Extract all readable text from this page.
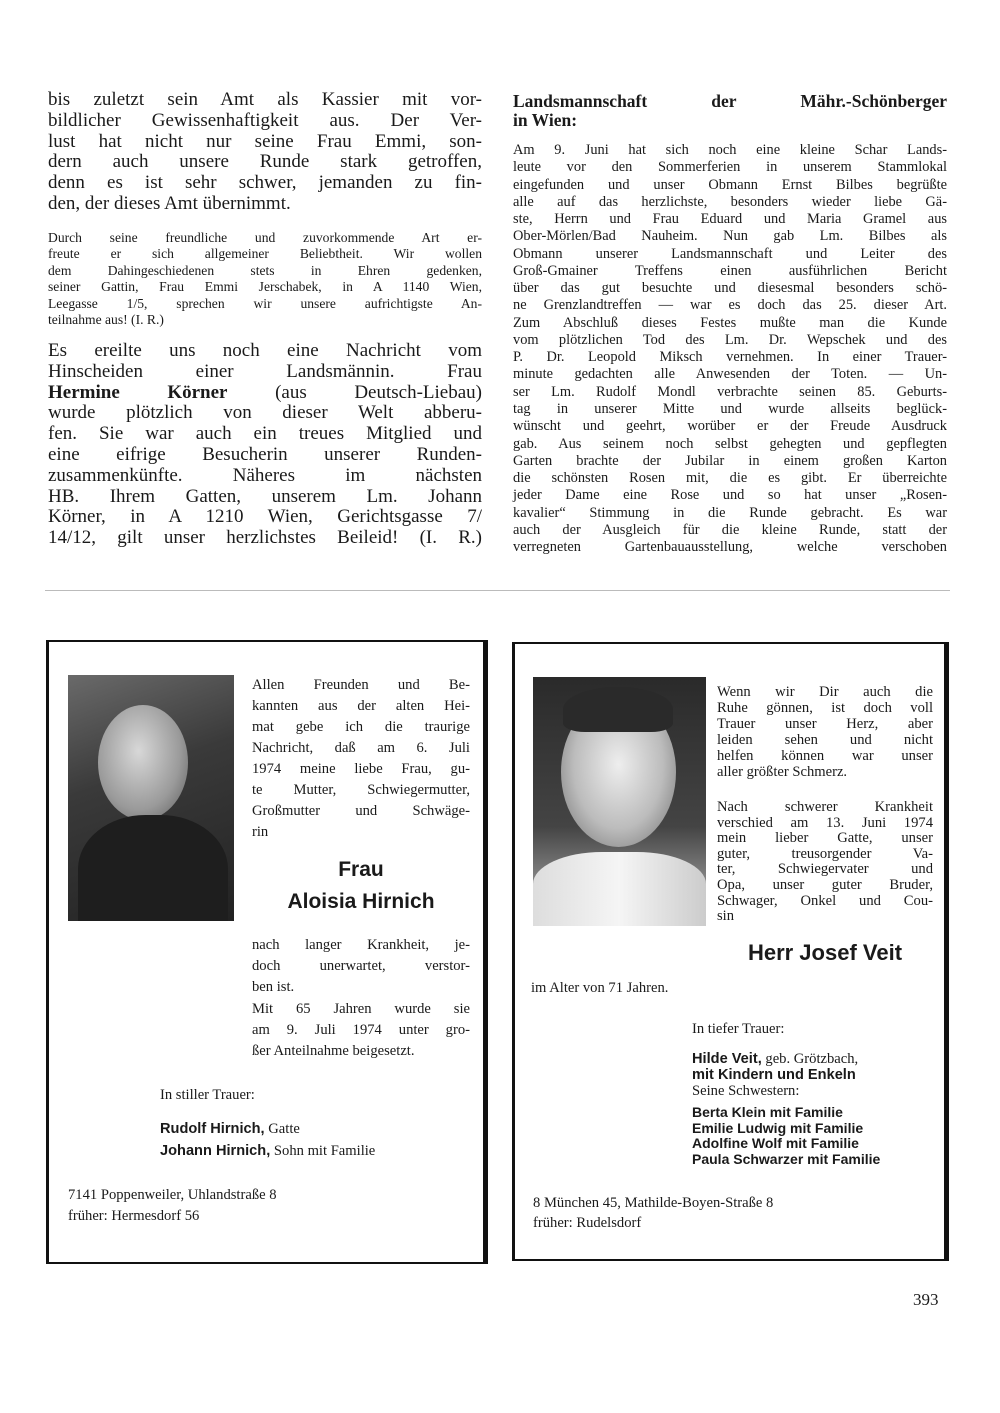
bis zuletzt sein Amt als Kassier mit vor-
bildlicher Gewissenhaftigkeit aus. Der Ver-
lust hat nicht nur seine Frau Emmi, son-
dern auch unsere Runde stark getroffen,
denn es ist sehr schwer, jemanden zu fin-
den, der dieses Amt übernimmt.
Durch seine freundliche und zuvorkommende Art er-
freute er sich allgemeiner Beliebtheit. Wir wollen
dem Dahingeschiedenen stets in Ehren gedenken,
seiner Gattin, Frau Emmi Jerschabek, in A 1140 Wien,
Leegasse 1/5, sprechen wir unsere aufrichtigste An-
teilnahme aus! (I. R.)
Es ereilte uns noch eine Nachricht vom
Hinscheiden einer Landsmännin. Frau
Hermine Körner (aus Deutsch-Liebau)
wurde plötzlich von dieser Welt abberu-
fen. Sie war auch ein treues Mitglied und
eine eifrige Besucherin unserer Runden-
zusammenkünfte. Näheres im nächsten
HB. Ihrem Gatten, unserem Lm. Johann
Körner, in A 1210 Wien, Gerichtsgasse 7/
14/12, gilt unser herzlichstes Beileid! (I. R.)
Landsmannschaft der Mähr.-Schönberger
in Wien:
Am 9. Juni hat sich noch eine kleine Schar Lands-
leute vor den Sommerferien in unserem Stammlokal
eingefunden und unser Obmann Ernst Bilbes begrüßte
alle auf das herzlichste, besonders wieder liebe Gä-
ste, Herrn und Frau Eduard und Maria Gramel aus
Ober-Mörlen/Bad Nauheim. Nun gab Lm. Bilbes als
Obmann unserer Landsmannschaft und Leiter des
Groß-Gmainer Treffens einen ausführlichen Bericht
über das gut besuchte und diesesmal besonders schö-
ne Grenzlandtreffen — war es doch das 25. dieser Art.
Zum Abschluß dieses Festes mußte man die Kunde
vom plötzlichen Tod des Lm. Dr. Wepschek und des
P. Dr. Leopold Miksch vernehmen. In einer Trauer-
minute gedachten alle Anwesenden der Toten. — Un-
ser Lm. Rudolf Mondl verbrachte seinen 85. Geburts-
tag in unserer Mitte und wurde allseits beglück-
wünscht und geehrt, worüber er der Freude Ausdruck
gab. Aus seinem noch selbst gehegten und gepflegten
Garten brachte der Jubilar in einem großen Karton
die schönsten Rosen mit, die es gibt. Er überreichte
jeder Dame eine Rose und so hat unser „Rosen-
kavalier“ Stimmung in die Runde gebracht. Es war
auch der Ausgleich für die kleine Runde, statt der
verregneten Gartenbauausstellung, welche verschoben
Allen Freunden und Be-
kannten aus der alten Hei-
mat gebe ich die traurige
Nachricht, daß am 6. Juli
1974 meine liebe Frau, gu-
te Mutter, Schwiegermutter,
Großmutter und Schwäge-
rin
Frau
Aloisia Hirnich
nach langer Krankheit, je-
doch unerwartet, verstor-
ben ist.
Mit 65 Jahren wurde sie
am 9. Juli 1974 unter gro-
ßer Anteilnahme beigesetzt.
In stiller Trauer:
Rudolf Hirnich, Gatte
Johann Hirnich, Sohn mit Familie
7141 Poppenweiler, Uhlandstraße 8
früher: Hermesdorf 56
Wenn wir Dir auch die
Ruhe gönnen, ist doch voll
Trauer unser Herz, aber
leiden sehen und nicht
helfen können war unser
aller größter Schmerz.
Nach schwerer Krankheit
verschied am 13. Juni 1974
mein lieber Gatte, unser
guter, treusorgender Va-
ter, Schwiegervater und
Opa, unser guter Bruder,
Schwager, Onkel und Cou-
sin
Herr Josef Veit
im Alter von 71 Jahren.
In tiefer Trauer:
Hilde Veit, geb. Grötzbach,
mit Kindern und Enkeln
Seine Schwestern:
Berta Klein mit Familie
Emilie Ludwig mit Familie
Adolfine Wolf mit Familie
Paula Schwarzer mit Familie
8 München 45, Mathilde-Boyen-Straße 8
früher: Rudelsdorf
393
